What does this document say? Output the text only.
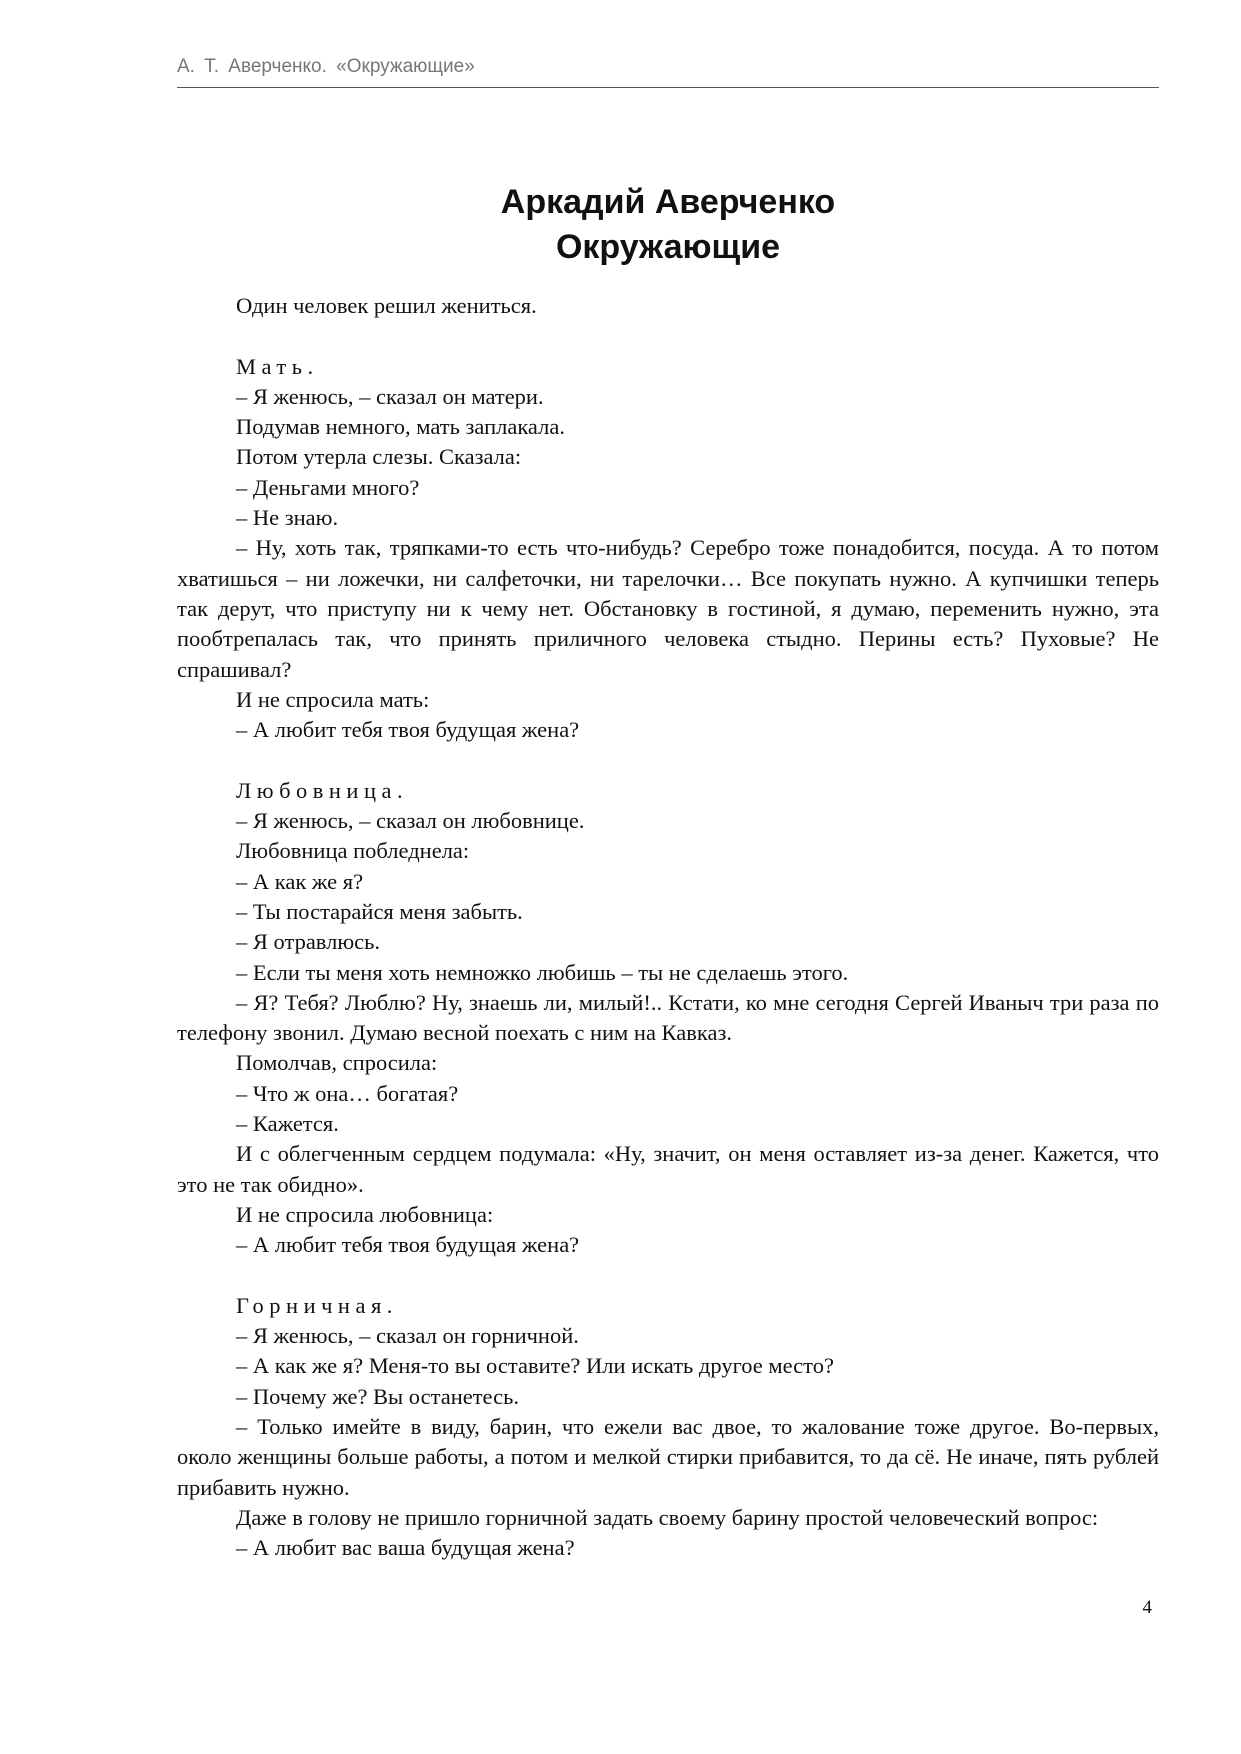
А. Т. Аверченко. «Окружающие»
Аркадий Аверченко
Окружающие

Один человек решил жениться.

Мать.

– Я женюсь, – сказал он матери.

Подумав немного, мать заплакала.

Потом утерла слезы. Сказала:

– Деньгами много?

– Не знаю.

– Ну, хоть так, тряпками-то есть что-нибудь? Серебро тоже понадобится, посуда. А то потом хватишься – ни ложечки, ни салфеточки, ни тарелочки… Все покупать нужно. А купчишки теперь так дерут, что приступу ни к чему нет. Обстановку в гостиной, я думаю, переменить нужно, эта пообтрепалась так, что принять приличного человека стыдно. Перины есть? Пуховые? Не спрашивал?

И не спросила мать:

– А любит тебя твоя будущая жена?

Любовница.

– Я женюсь, – сказал он любовнице.

Любовница побледнела:

– А как же я?

– Ты постарайся меня забыть.

– Я отравлюсь.

– Если ты меня хоть немножко любишь – ты не сделаешь этого.

– Я? Тебя? Люблю? Ну, знаешь ли, милый!.. Кстати, ко мне сегодня Сергей Иваныч три раза по телефону звонил. Думаю весной поехать с ним на Кавказ.

Помолчав, спросила:

– Что ж она… богатая?

– Кажется.

И с облегченным сердцем подумала: «Ну, значит, он меня оставляет из-за денег. Кажется, что это не так обидно».

И не спросила любовница:

– А любит тебя твоя будущая жена?

Горничная.

– Я женюсь, – сказал он горничной.

– А как же я? Меня-то вы оставите? Или искать другое место?

– Почему же? Вы останетесь.

– Только имейте в виду, барин, что ежели вас двое, то жалование тоже другое. Во-первых, около женщины больше работы, а потом и мелкой стирки прибавится, то да сё. Не иначе, пять рублей прибавить нужно.

Даже в голову не пришло горничной задать своему барину простой человеческий вопрос:

– А любит вас ваша будущая жена?

4
